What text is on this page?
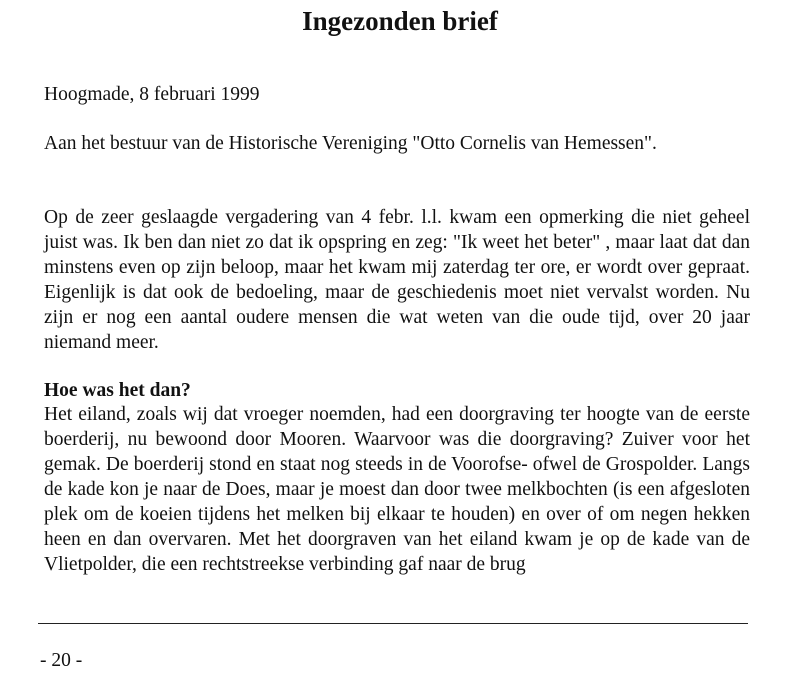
Ingezonden brief

Hoogmade, 8 februari 1999

Aan het bestuur van de Historische Vereniging "Otto Cornelis van Hemessen".

Op de zeer geslaagde vergadering van 4 febr. l.l. kwam een opmerking die niet geheel juist was. Ik ben dan niet zo dat ik opspring en zeg: "Ik weet het beter" , maar laat dat dan minstens even op zijn beloop, maar het kwam mij zaterdag ter ore, er wordt over gepraat. Eigenlijk is dat ook de bedoeling, maar de geschiedenis moet niet vervalst worden. Nu zijn er nog een aantal oudere mensen die wat weten van die oude tijd, over 20 jaar niemand meer.

Hoe was het dan?

Het eiland, zoals wij dat vroeger noemden, had een doorgraving ter hoogte van de eerste boerderij, nu bewoond door Mooren. Waarvoor was die doorgraving? Zuiver voor het gemak. De boerderij stond en staat nog steeds in de Voorofse- ofwel de Grospolder. Langs de kade kon je naar de Does, maar je moest dan door twee melkbochten (is een afgesloten plek om de koeien tijdens het melken bij elkaar te houden) en over of om negen hekken heen en dan overvaren. Met het doorgraven van het eiland kwam je op de kade van de Vlietpolder, die een rechtstreekse verbinding gaf naar de brug

- 20 -
